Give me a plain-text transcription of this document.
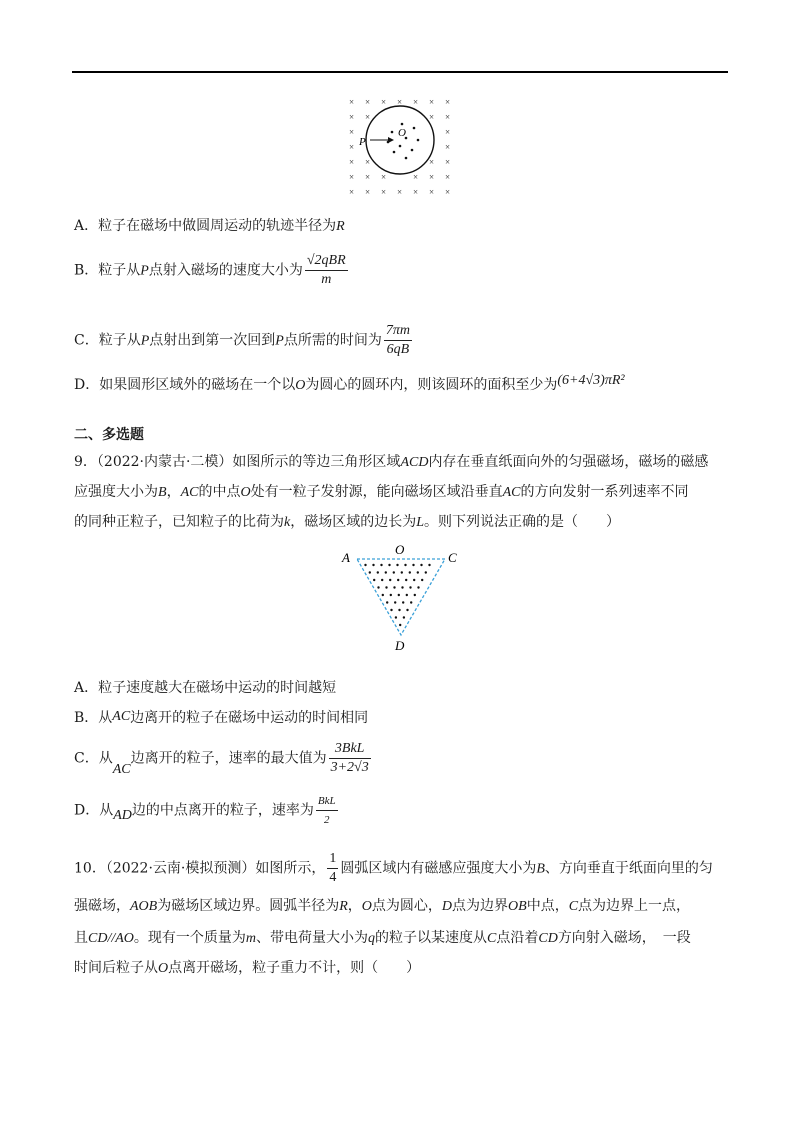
× × × × × × ×
× ×	× ×
×	×
×	×
× ×	× ×
× × ×	× × ×
× × × × × × ×
P
O
A．粒子在磁场中做圆周运动的轨迹半径为R
B．粒子从P点射入磁场的速度大小为 $\frac{\text{√2qBR}}{m}$
C．粒子从P点射出到第一次回到P点所需的时间为 $\frac{7\pi m}{6qB}$
D．如果圆形区域外的磁场在一个以O为圆心的圆环内，则该圆环的面积至少为(6+4√3)πR²
二、多选题
9．（2022·内蒙古·二模）如图所示的等边三角形区域ACD内存在垂直纸面向外的匀强磁场，磁场的磁感
应强度大小为B，AC的中点O处有一粒子发射源，能向磁场区域沿垂直AC的方向发射一系列速率不同
的同种正粒子，已知粒子的比荷为k，磁场区域的边长为L。则下列说法正确的是（　　）
A
O
C
D
A．粒子速度越大在磁场中运动的时间越短
B．从AC边离开的粒子在磁场中运动的时间相同
C．从AC边离开的粒子，速率的最大值为 $\frac{\text{3BkL}}{3+2√3}$
D．从AD边的中点离开的粒子，速率为 $\frac{\text{BkL}}{2}$
10．（2022·云南·模拟预测）如图所示， $\frac{1}{4}$ 圆弧区域内有磁感应强度大小为B、方向垂直于纸面向里的匀
强磁场，AOB为磁场区域边界。圆弧半径为R，O点为圆心，D点为边界OB中点，C点为边界上一点，
且CD//AO。现有一个质量为m、带电荷量大小为q的粒子以某速度从C点沿着CD方向射入磁场，　一段
时间后粒子从O点离开磁场，粒子重力不计，则（　　）
